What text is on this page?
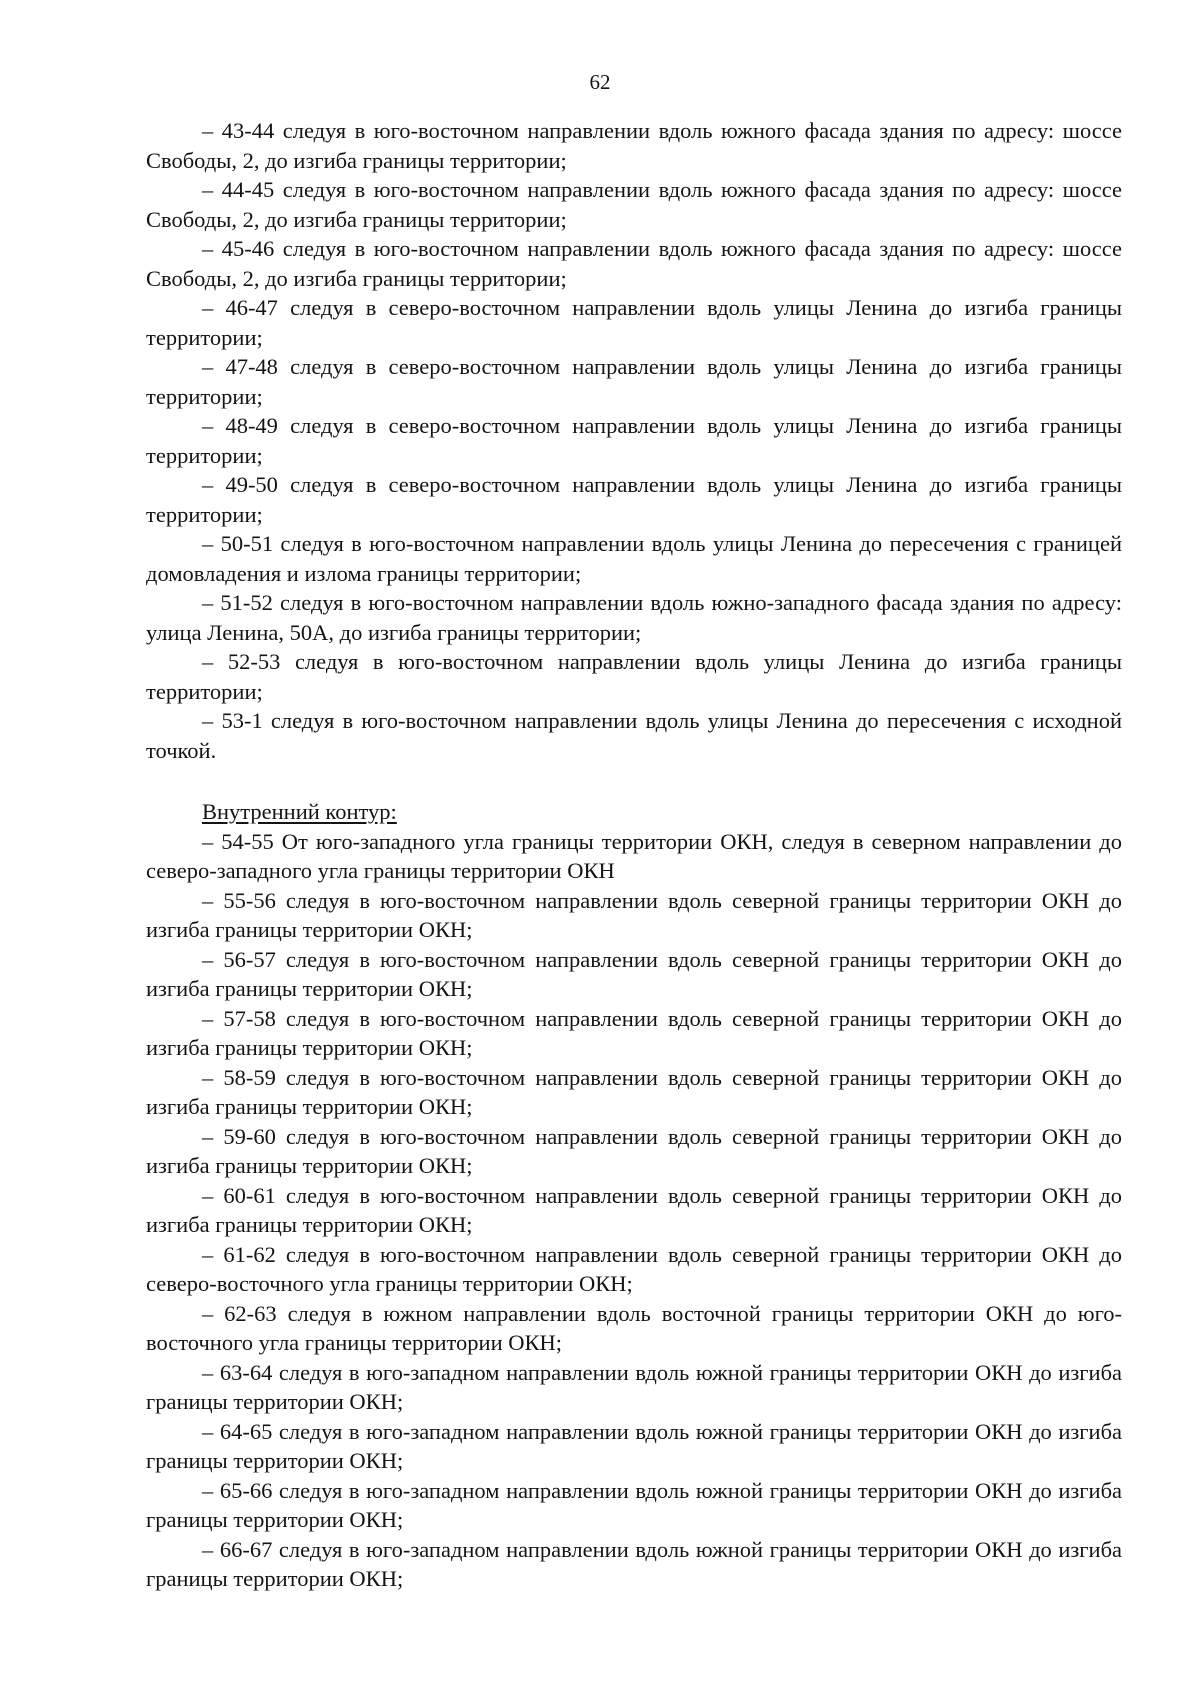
62

– 43-44 следуя в юго-восточном направлении вдоль южного фасада здания по адресу: шоссе Свободы, 2, до изгиба границы территории;

– 44-45 следуя в юго-восточном направлении вдоль южного фасада здания по адресу: шоссе Свободы, 2, до изгиба границы территории;

– 45-46 следуя в юго-восточном направлении вдоль южного фасада здания по адресу: шоссе Свободы, 2, до изгиба границы территории;

– 46-47 следуя в северо-восточном направлении вдоль улицы Ленина до изгиба границы территории;

– 47-48 следуя в северо-восточном направлении вдоль улицы Ленина до изгиба границы территории;

– 48-49 следуя в северо-восточном направлении вдоль улицы Ленина до изгиба границы территории;

– 49-50 следуя в северо-восточном направлении вдоль улицы Ленина до изгиба границы территории;

– 50-51 следуя в юго-восточном направлении вдоль улицы Ленина до пересечения с границей домовладения и излома границы территории;

– 51-52 следуя в юго-восточном направлении вдоль южно-западного фасада здания по адресу: улица Ленина, 50А, до изгиба границы территории;

– 52-53 следуя в юго-восточном направлении вдоль улицы Ленина до изгиба границы территории;

– 53-1 следуя в юго-восточном направлении вдоль улицы Ленина до пересечения с исходной точкой.

Внутренний контур:

– 54-55 От юго-западного угла границы территории ОКН, следуя в северном направлении до северо-западного угла границы территории ОКН

– 55-56 следуя в юго-восточном направлении вдоль северной границы территории ОКН до изгиба границы территории ОКН;

– 56-57 следуя в юго-восточном направлении вдоль северной границы территории ОКН до изгиба границы территории ОКН;

– 57-58 следуя в юго-восточном направлении вдоль северной границы территории ОКН до изгиба границы территории ОКН;

– 58-59 следуя в юго-восточном направлении вдоль северной границы территории ОКН до изгиба границы территории ОКН;

– 59-60 следуя в юго-восточном направлении вдоль северной границы территории ОКН до изгиба границы территории ОКН;

– 60-61 следуя в юго-восточном направлении вдоль северной границы территории ОКН до изгиба границы территории ОКН;

– 61-62 следуя в юго-восточном направлении вдоль северной границы территории ОКН до северо-восточного угла границы территории ОКН;

– 62-63 следуя в южном направлении вдоль восточной границы территории ОКН до юго-восточного угла границы территории ОКН;

– 63-64 следуя в юго-западном направлении вдоль южной границы территории ОКН до изгиба границы территории ОКН;

– 64-65 следуя в юго-западном направлении вдоль южной границы территории ОКН до изгиба границы территории ОКН;

– 65-66 следуя в юго-западном направлении вдоль южной границы территории ОКН до изгиба границы территории ОКН;

– 66-67 следуя в юго-западном направлении вдоль южной границы территории ОКН до изгиба границы территории ОКН;
